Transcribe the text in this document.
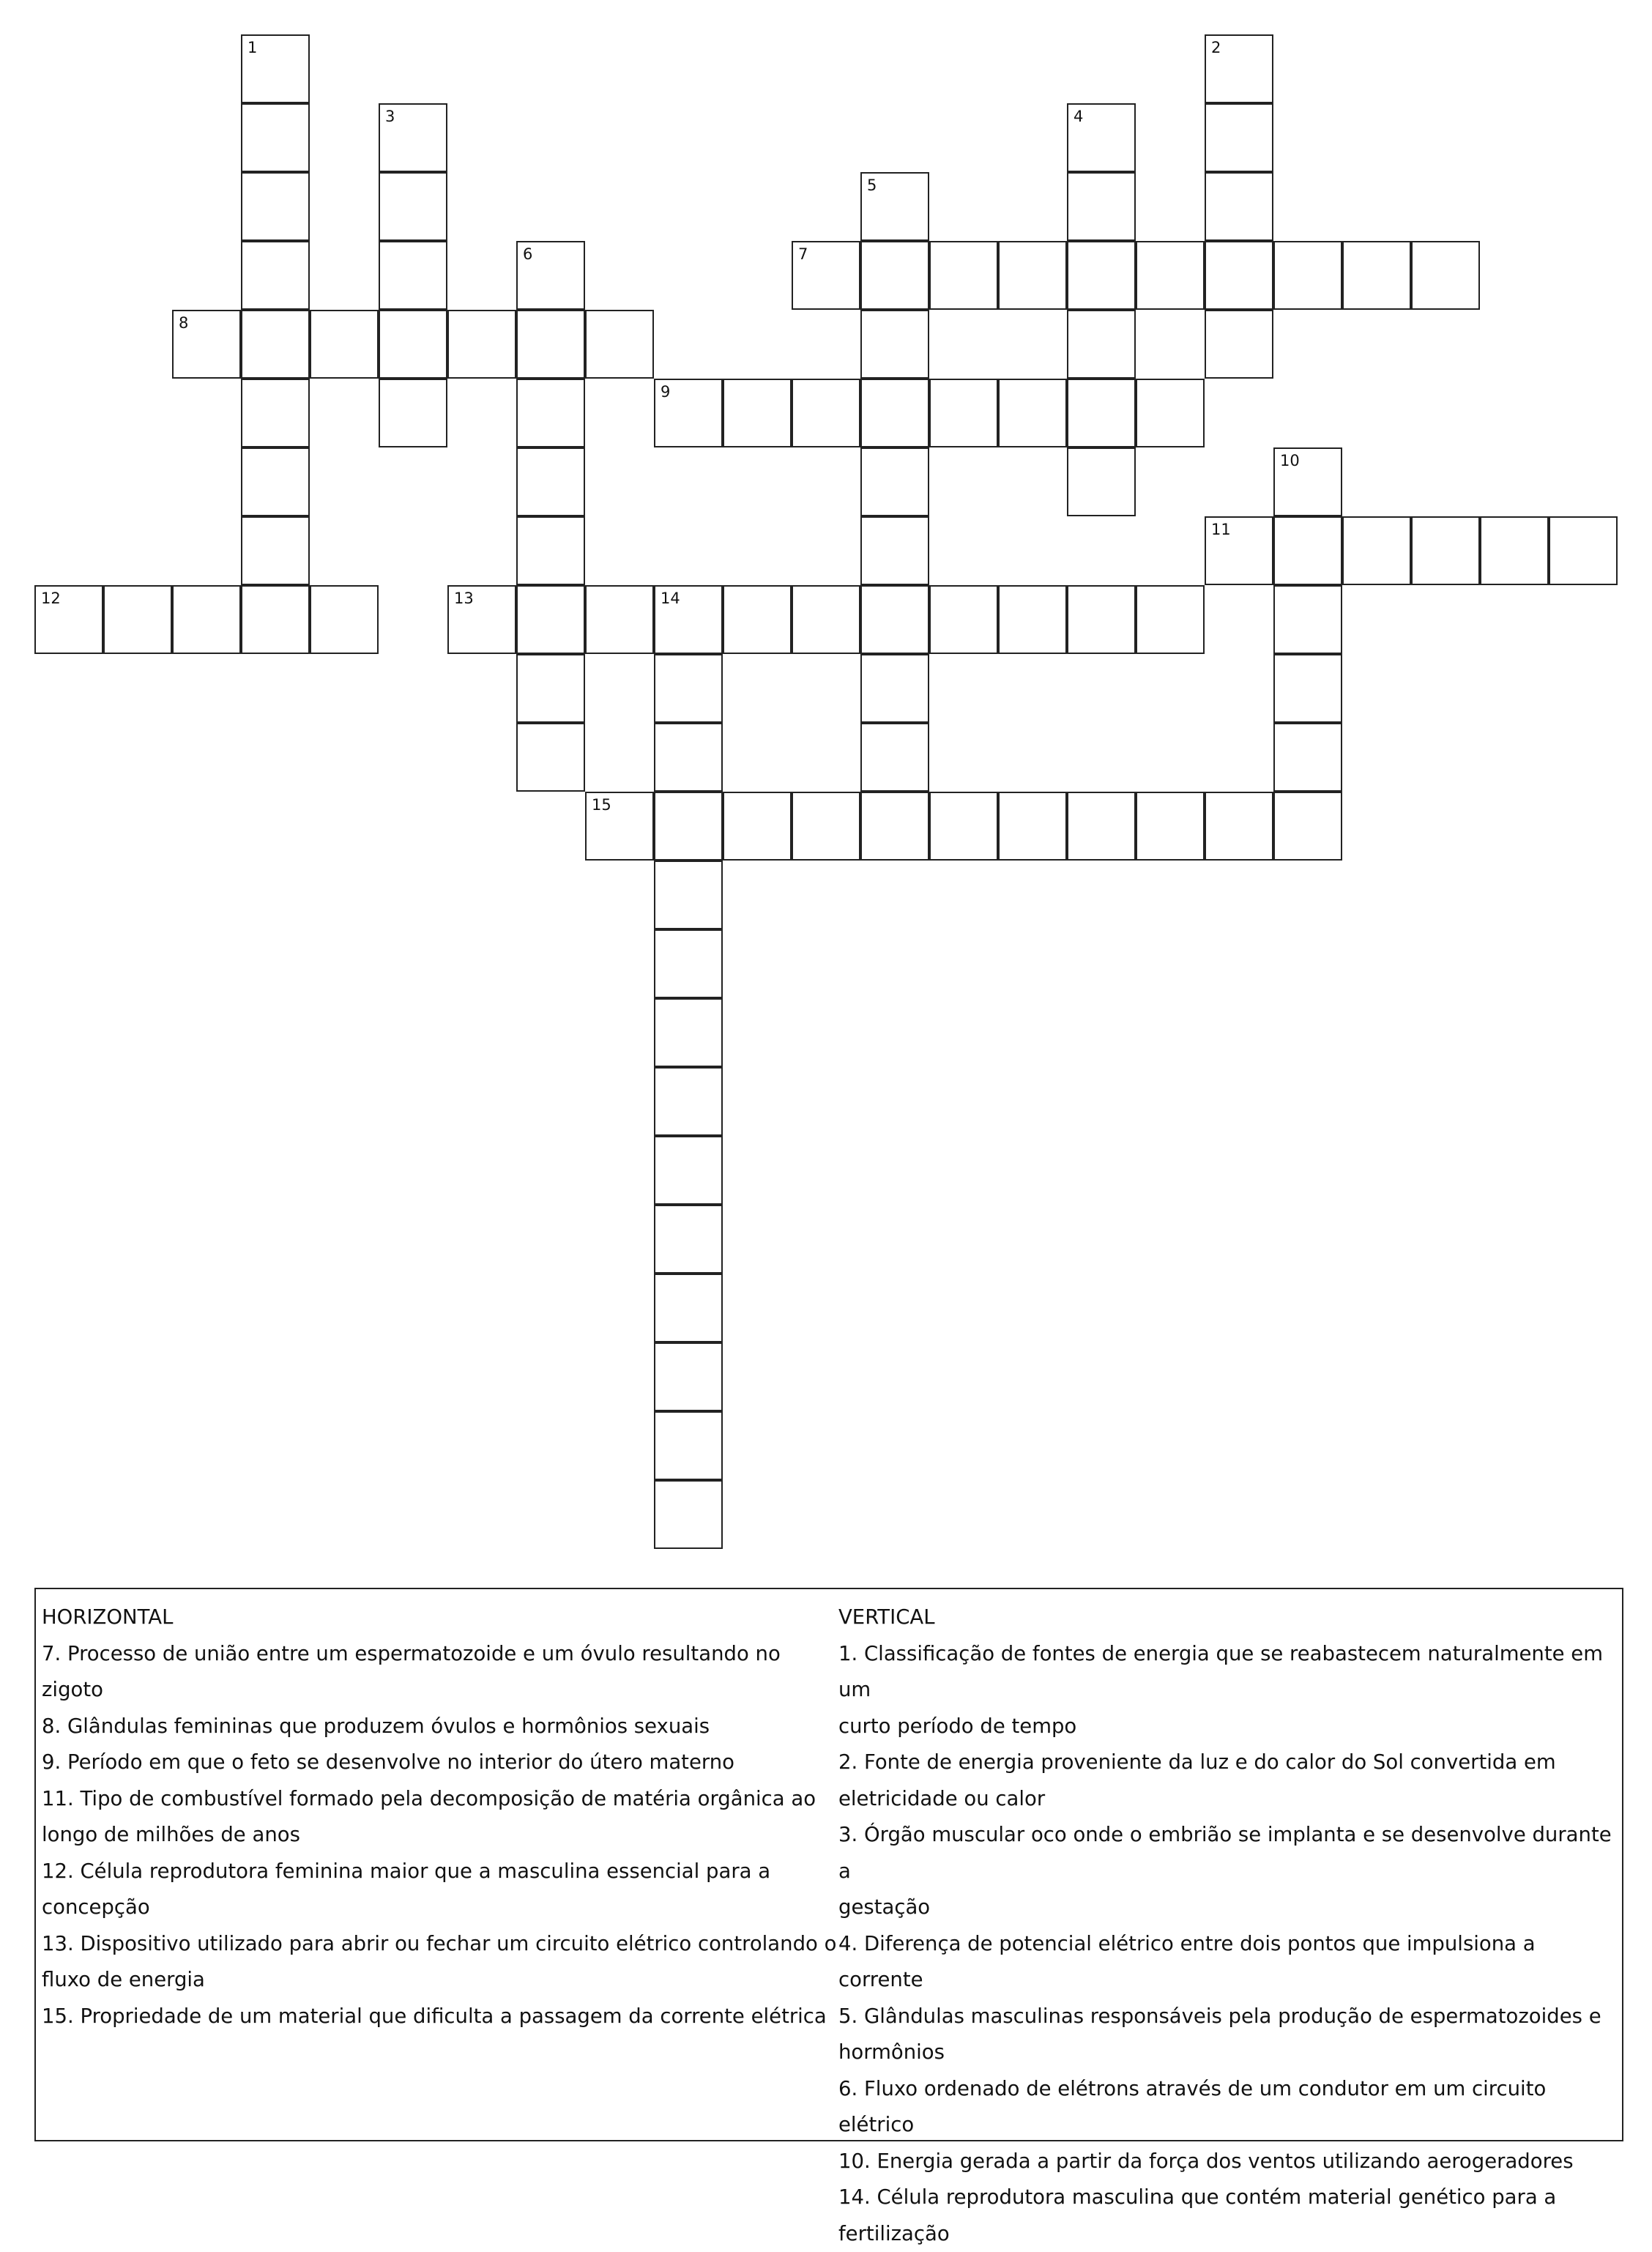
1	2
3	4
5
6	7
8
9
10
11
12	13	14
15

HORIZONTAL

7. Processo de união entre um espermatozoide e um óvulo resultando no zigoto

8. Glândulas femininas que produzem óvulos e hormônios sexuais

9. Período em que o feto se desenvolve no interior do útero materno

11. Tipo de combustível formado pela decomposição de matéria orgânica ao

longo de milhões de anos

12. Célula reprodutora feminina maior que a masculina essencial para a

concepção

13. Dispositivo utilizado para abrir ou fechar um circuito elétrico controlando o

fluxo de energia

15. Propriedade de um material que dificulta a passagem da corrente elétrica

VERTICAL

1. Classificação de fontes de energia que se reabastecem naturalmente em um

curto período de tempo

2. Fonte de energia proveniente da luz e do calor do Sol convertida em

eletricidade ou calor

3. Órgão muscular oco onde o embrião se implanta e se desenvolve durante a

gestação

4. Diferença de potencial elétrico entre dois pontos que impulsiona a corrente

5. Glândulas masculinas responsáveis pela produção de espermatozoides e

hormônios

6. Fluxo ordenado de elétrons através de um condutor em um circuito elétrico

10. Energia gerada a partir da força dos ventos utilizando aerogeradores

14. Célula reprodutora masculina que contém material genético para a

fertilização
